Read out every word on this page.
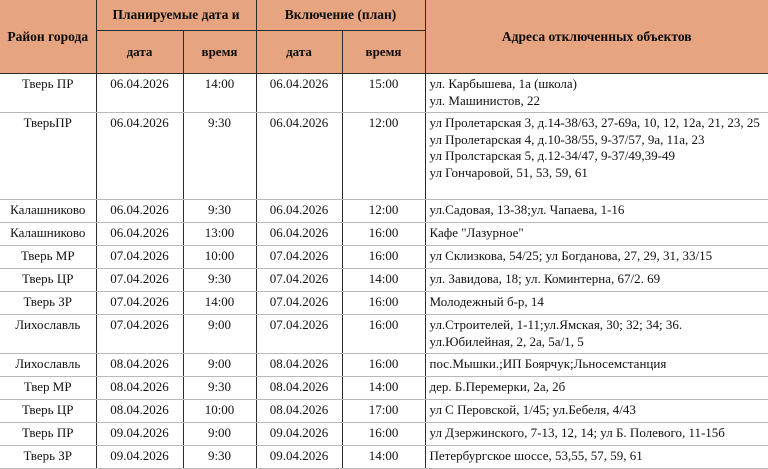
Район города	Планируемые дата и		Включение (план)		Адреса отключенных объектов
	дата	время	дата	время	
Тверь ПР	06.04.2026	14:00	06.04.2026	15:00	ул. Карбышева, 1а (школа)
ул. Машинистов, 22

ТверьПР	06.04.2026	9:30	06.04.2026	12:00	ул Пролетарская 3, д.14-38/63, 27-69а, 10, 12, 12а, 21, 23, 25
ул Пролетарская 4, д.10-38/55, 9-37/57, 9а, 11а, 23
ул Пролстарская 5, д.12-34/47, 9-37/49,39-49
ул Гончаровой, 51, 53, 59, 61

Калашниково	06.04.2026	9:30	06.04.2026	12:00	ул.Садовая, 13-38;ул. Чапаева, 1-16

Калашниково	06.04.2026	13:00	06.04.2026	16:00	Кафе "Лазурное"

Тверь МР	07.04.2026	10:00	07.04.2026	16:00	ул Склизкова, 54/25; ул Богданова, 27, 29, 31, 33/15

Тверь ЦР	07.04.2026	9:30	07.04.2026	14:00	ул. Завидова, 18; ул. Коминтерна, 67/2. 69

Тверь ЗР	07.04.2026	14:00	07.04.2026	16:00	Молодежный б-р, 14

Лихославль	07.04.2026	9:00	07.04.2026	16:00	ул.Строителей, 1-11;ул.Ямская, 30; 32; 34; 36.
ул.Юбилейная, 2, 2а, 5а/1, 5

Лихославль	08.04.2026	9:00	08.04.2026	16:00	пос.Мышки.;ИП Боярчук;Льносемстанция

Твер МР	08.04.2026	9:30	08.04.2026	14:00	дер. Б.Перемерки, 2а, 2б

Тверь ЦР	08.04.2026	10:00	08.04.2026	17:00	ул С Перовской, 1/45; ул.Бебеля, 4/43

Тверь ПР	09.04.2026	9:00	09.04.2026	16:00	ул Дзержинского, 7-13, 12, 14; ул Б. Полевого, 11-15б

Тверь ЗР	09.04.2026	9:30	09.04.2026	14:00	Петербургское шоссе, 53,55, 57, 59, 61
